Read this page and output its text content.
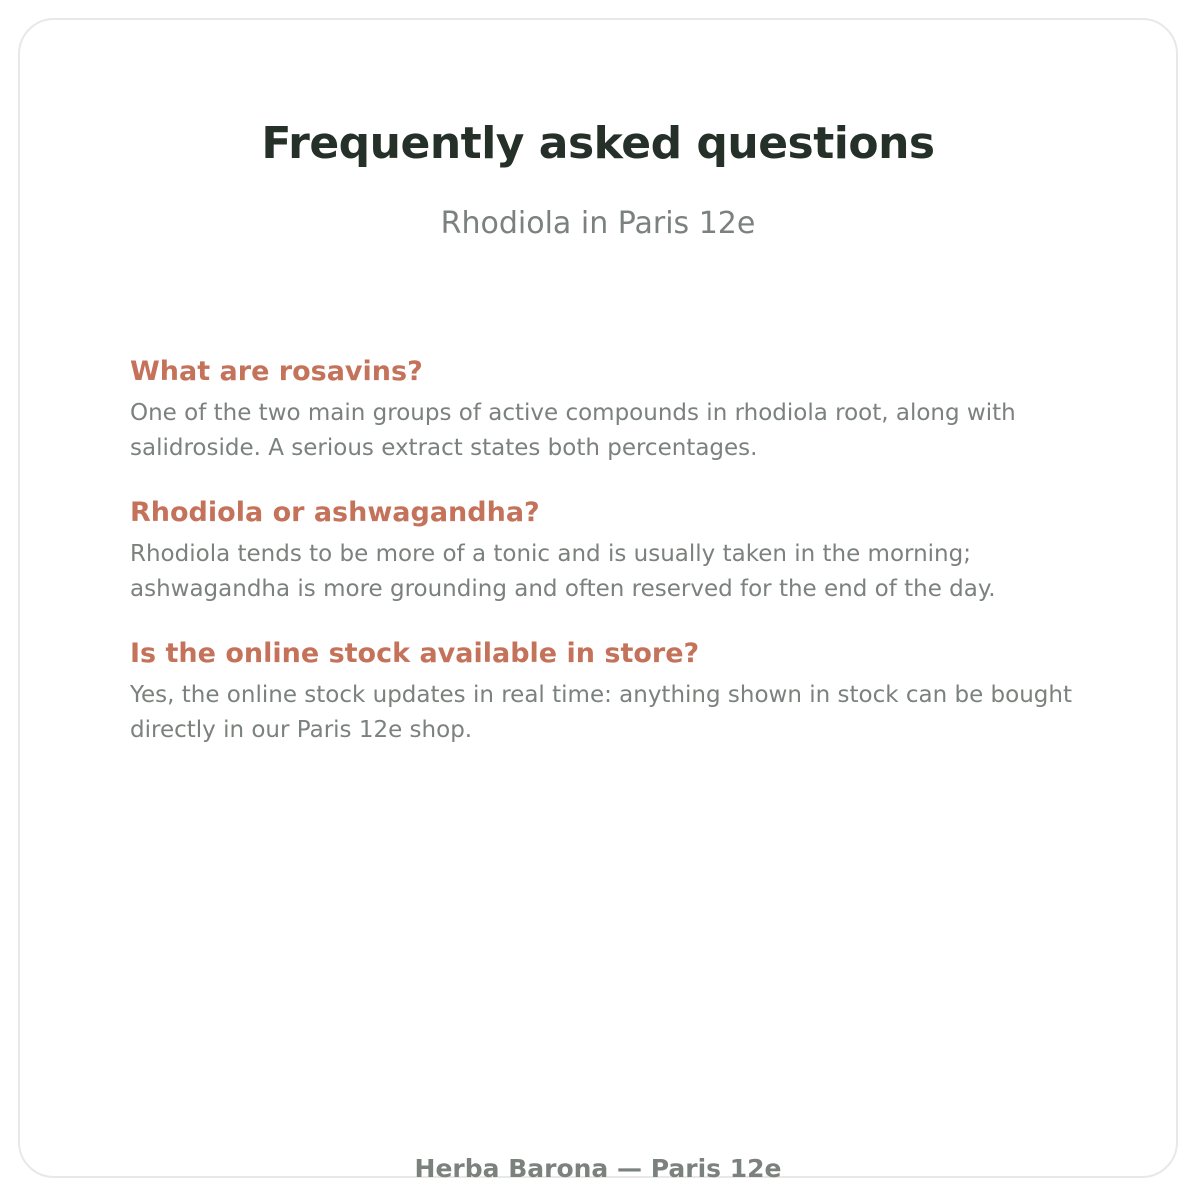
Frequently asked questions

Rhodiola in Paris 12e

What are rosavins?

One of the two main groups of active compounds in rhodiola root, along with salidroside. A serious extract states both percentages.

Rhodiola or ashwagandha?

Rhodiola tends to be more of a tonic and is usually taken in the morning; ashwagandha is more grounding and often reserved for the end of the day.

Is the online stock available in store?

Yes, the online stock updates in real time: anything shown in stock can be bought directly in our Paris 12e shop.

Herba Barona — Paris 12e
